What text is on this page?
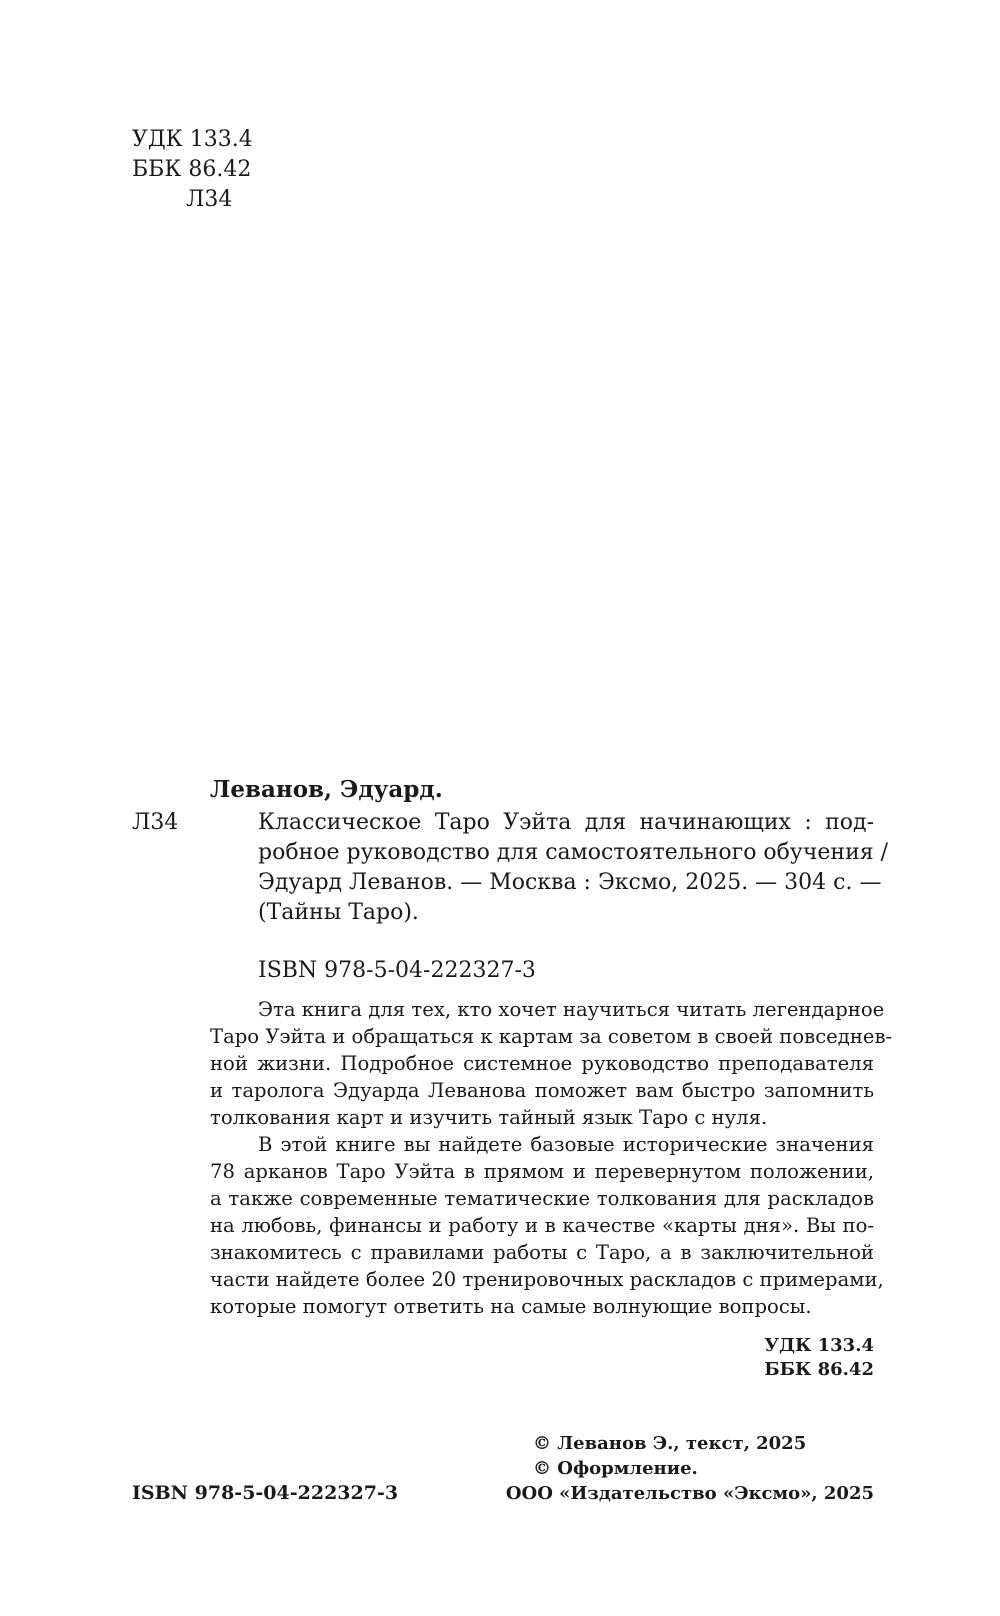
УДК 133.4

ББК 86.42

Л34

Леванов, Эдуард.

Л34	Классическое Таро Уэйта для начинающих : под-

робное руководство для самостоятельного обучения /

Эдуард Леванов. — Москва : Эксмо, 2025. — 304 с. —

(Тайны Таро).

ISBN 978-5-04-222327-3

Эта книга для тех, кто хочет научиться читать легендарное

Таро Уэйта и обращаться к картам за советом в своей повседнев-

ной жизни. Подробное системное руководство преподавателя

и таролога Эдуарда Леванова поможет вам быстро запомнить

толкования карт и изучить тайный язык Таро с нуля.

В этой книге вы найдете базовые исторические значения

78 арканов Таро Уэйта в прямом и перевернутом положении,

а также современные тематические толкования для раскладов

на любовь, финансы и работу и в качестве «карты дня». Вы по-

знакомитесь с правилами работы с Таро, а в заключительной

части найдете более 20 тренировочных раскладов с примерами,

которые помогут ответить на самые волнующие вопросы.

УДК 133.4

ББК 86.42

© Леванов Э., текст, 2025

© Оформление.

ООО «Издательство «Эксмо», 2025

ISBN 978-5-04-222327-3
